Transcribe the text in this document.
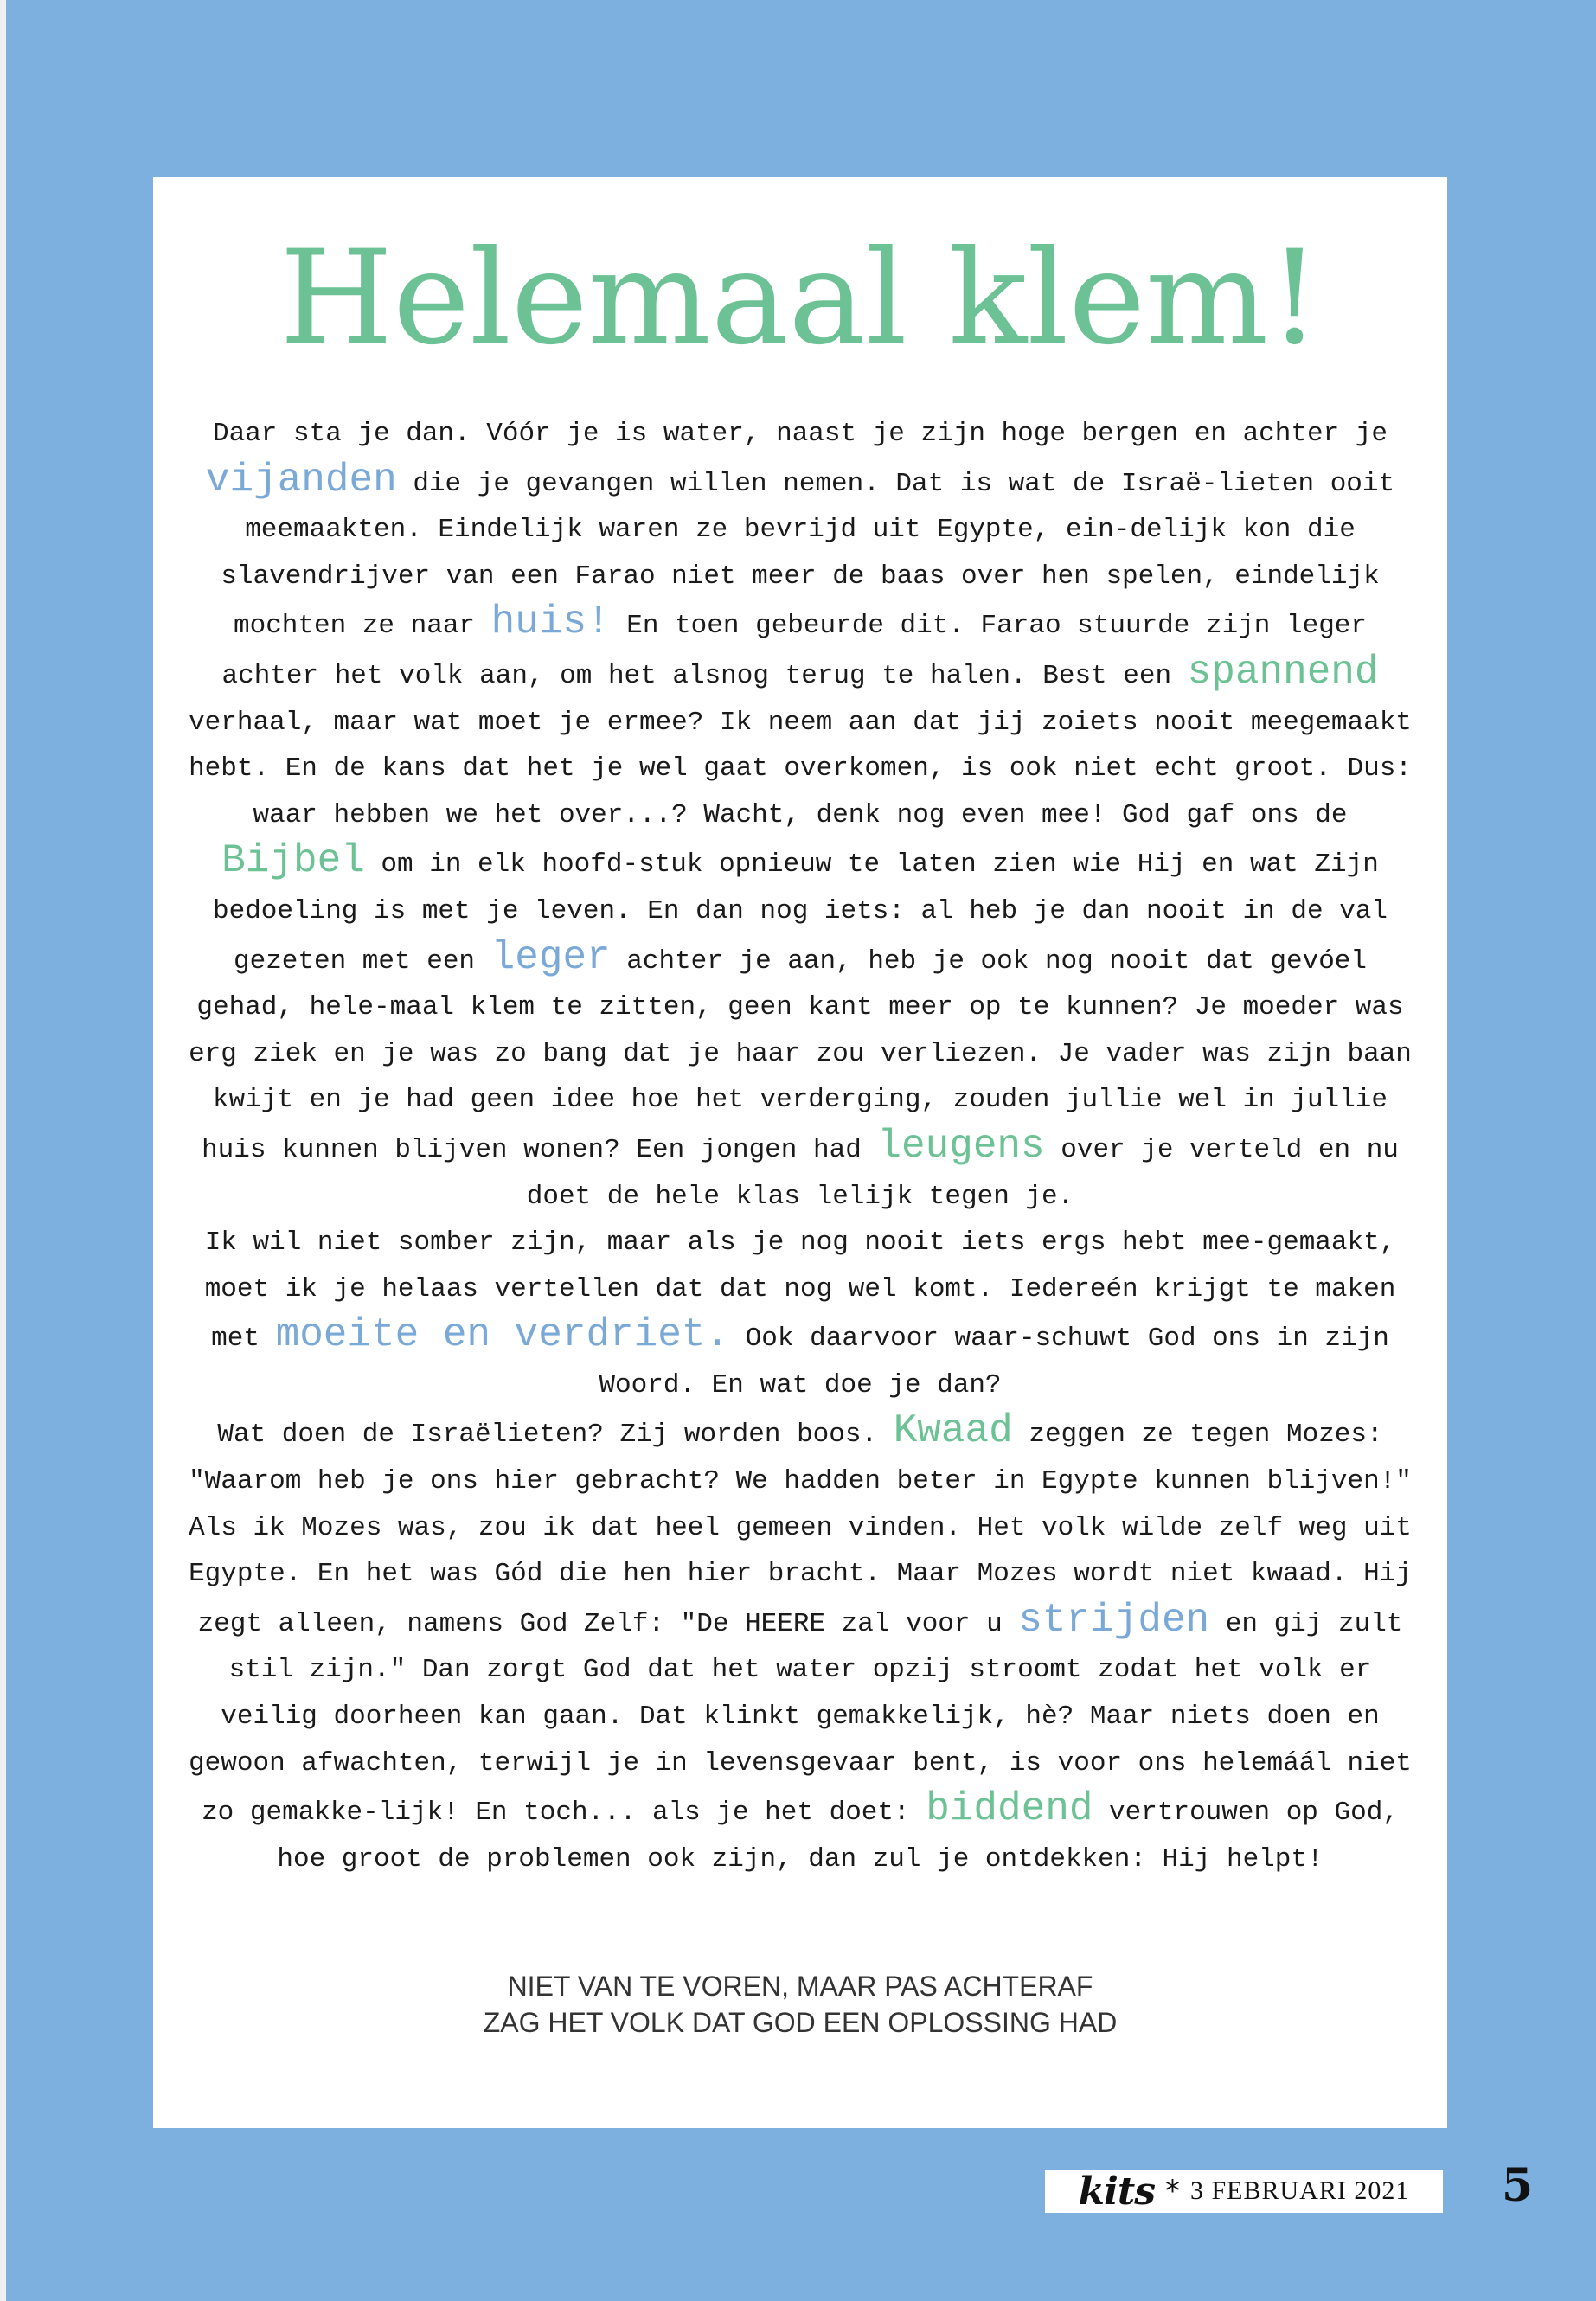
Helemaal klem!

Daar sta je dan. Vóór je is water, naast je zijn hoge bergen en achter je vijanden die je gevangen willen nemen. Dat is wat de Israë-lieten ooit meemaakten. Eindelijk waren ze bevrijd uit Egypte, ein-delijk kon die slavendrijver van een Farao niet meer de baas over hen spelen, eindelijk mochten ze naar huis! En toen gebeurde dit. Farao stuurde zijn leger achter het volk aan, om het alsnog terug te halen. Best een spannend verhaal, maar wat moet je ermee? Ik neem aan dat jij zoiets nooit meegemaakt hebt. En de kans dat het je wel gaat overkomen, is ook niet echt groot. Dus: waar hebben we het over...? Wacht, denk nog even mee! God gaf ons de Bijbel om in elk hoofd-stuk opnieuw te laten zien wie Hij en wat Zijn bedoeling is met je leven. En dan nog iets: al heb je dan nooit in de val gezeten met een leger achter je aan, heb je ook nog nooit dat gevóel gehad, hele-maal klem te zitten, geen kant meer op te kunnen? Je moeder was erg ziek en je was zo bang dat je haar zou verliezen. Je vader was zijn baan kwijt en je had geen idee hoe het verderging, zouden jullie wel in jullie huis kunnen blijven wonen? Een jongen had leugens over je verteld en nu doet de hele klas lelijk tegen je.
Ik wil niet somber zijn, maar als je nog nooit iets ergs hebt mee-gemaakt, moet ik je helaas vertellen dat dat nog wel komt. Iedereén krijgt te maken met moeite en verdriet. Ook daarvoor waar-schuwt God ons in zijn Woord. En wat doe je dan?
Wat doen de Israëlieten? Zij worden boos. Kwaad zeggen ze tegen Mozes: "Waarom heb je ons hier gebracht? We hadden beter in Egypte kunnen blijven!" Als ik Mozes was, zou ik dat heel gemeen vinden. Het volk wilde zelf weg uit Egypte. En het was Gód die hen hier bracht. Maar Mozes wordt niet kwaad. Hij zegt alleen, namens God Zelf: "De HEERE zal voor u strijden en gij zult stil zijn." Dan zorgt God dat het water opzij stroomt zodat het volk er veilig doorheen kan gaan. Dat klinkt gemakkelijk, hè? Maar niets doen en gewoon afwachten, terwijl je in levensgevaar bent, is voor ons helemáál niet zo gemakke-lijk! En toch... als je het doet: biddend vertrouwen op God, hoe groot de problemen ook zijn, dan zul je ontdekken: Hij helpt!

NIET VAN TE VOREN, MAAR PAS ACHTERAF
ZAG HET VOLK DAT GOD EEN OPLOSSING HAD
kits * 3 FEBRUARI 2021 5
